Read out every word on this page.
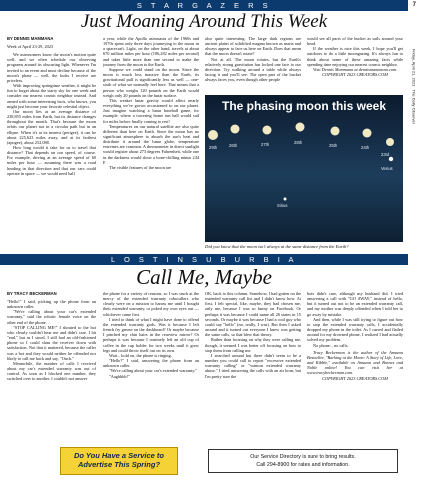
7
Friday, April 21, 2023   The Daily Observer
S T A R G A Z E R S
Just Moaning Around This Week
BY DENNIS MAMMANA

Week of April 23-29, 2023

We astronomers know the moon's motion quite well, and we often schedule our observing programs around its obscuring light. Whenever I'm invited to an event and must decline because of the moon's phase — well, the looks I receive are priceless.

With improving springtime weather, it might be fun to forget about the starry sky for one week and consider our nearest cosmic neighbor instead. And armed with some interesting facts, who knows, you might just become your favorite celestial object.

Our moon lies at an average distance of 238,855 miles from Earth, but its distance changes throughout the month. That's because the moon orbits our planet not in a circular path but in an ellipse. When it's at its nearest (perigee), it can be about 225,623 miles away, and at its farthest (apogee), about 252,088.

How long would it take for us to travel that distance? That depends on our speed, of course. For example, driving at an average speed of 60 miles per hour — assuming there was a road heading in that direction and that our cars could operate in space — we would need half

a year, while the Apollo astronauts of the 1960s and 1970s spent only three days journeying to the moon in a spacecraft. Light, on the other hand, travels at about 670 million miles per hour (186,282 miles per second) and takes little more than one second to make the journey from the moon to the Earth.

Suppose we could stand on the moon. Since the moon is much less massive than the Earth, its gravitational pull is significantly less as well — one-sixth of what we normally feel here. That means that a person who weighs 120 pounds on the Earth would weigh only 20 pounds on the lunar surface.

This weaker lunar gravity would affect nearly everything we've grown accustomed to on our planet. Just imagine watching a lunar baseball game, for example, where a towering home run ball would sail for miles before finally coming to rest!

Temperatures on our natural satellite are also quite different than here on Earth. Since the moon has no significant atmosphere to absorb the sun's heat and distribute it around the lunar globe, temperature extremes are common. A thermometer in direct sunlight would register about 273 degrees Fahrenheit, while one in the darkness would show a bone-chilling minus 244 F.

The visible features of the moon are

also quite interesting. The large dark regions are ancient plains of solidified magma known as maria and always appear to face us here on Earth. Does that mean that the moon doesn't rotate?

Not at all. The moon rotates, but the Earth's relatively strong gravitation has locked one face to our direction. Try walking around a table while always facing it and you'll see. The open part of the bucket always faces you, even though other people

would see all parts of the bucket as sails around your head.

If the weather is nice this week, I hope you'll get outdoors to do a little moongazing. It's always fun to think about some of these amazing facts while spending time enjoying our nearest cosmic neighbor.

Visit Dennis Mammana at dennismammana.com.

COPYRIGHT 2023 CREATORS.COM

The phasing moon this week
29th	26th	27th	28th
25th	24th
23rd
Sirius
Venus
Did you know that the moon isn't always at the same distance from the Earth?
L O S T I N S U B U R B I A
Call Me, Maybe
BY TRACY BECKERMAN

"Hello!" I said, picking up the phone from an unknown caller.

"We're calling about your car's extended warranty," said the robotic female voice on the other end of the phone.

"STOP CALLING ME!" I shouted to the bot who clearly couldn't hear me and didn't care. I hit "end," but as I stood, I still had an old-fashioned phone so I could slam the receiver down with satisfaction. Not that it mattered, because the caller was a bot and they would neither be offended nor likely to call me back and say, "Ouch."

Meanwhile, the number of calls I received about my car's extended warranty was out of control. As soon as I blocked one number, they switched over to another. I couldn't not answer

the phone for a variety of reasons, so I was stuck at the mercy of the extended warranty robocallers who clearly were on a mission to harass me until I bought their extended warranty, or poked my own eyes out — whichever came first.

I tried to think of what I might have done to offend the extended warranty gods. Was it because I left french fry grease on the dashboard? Or maybe because I pinched my chin hairs in the rearview mirror? Or perhaps it was because I routinely left an old cup of coffee in the cup holder for two weeks until it grew legs and could throw itself out on its own.

Wait... hold on, the phone is ringing.

"Hello?" I said, answering the phone from an unknown caller.

"We're calling about your car's extended warranty."

"Aaghhhh!"

OK, back to this column. Somehow, I had gotten on the extended warranty call list and I didn't know how. At first, I felt special, like, maybe, they had chosen me, only me, because I was so funny on Facebook. Or perhaps it was because I could name all 26 states in 15 seconds. Or maybe it was because I had a cool guy who could say "hello" (no, really, I was). But then I asked around and it turned out everyone I knew was getting the same calls, so that blew that theory.

Rather than focusing on why they were calling me, though, it seemed I was better off focusing on how to stop them from calling me.

I searched around but there didn't seem to be a number you could call to report "excessive extended warranty calling" or "wanton extended warranty abuse." I tried answering the calls with an air horn, but I'm pretty sure the

bots didn't care, although my husband did. I tried answering a call with "GO AWAY," instead of hello, but it turned out not to be an extended warranty call, and my mother was deeply offended when I told her to go away by mistake.

And then, while I was still trying to figure out how to stop the extended warranty calls, I accidentally dropped my phone in the toilet. As I cursed and flailed around for my drowned phone, I realized I had actually solved my problem.

No phone... no calls.

Tracy Beckerman is the author of the Amazon Bestseller, "Barking at the Moon: A Story of Life, Love, and Kibble," available on Amazon and Barnes and Noble online! You can visit her at www.tracybeckerman.com.

COPYRIGHT 2023 CREATORS.COM

Do You Have a Service to Advertise This Spring?
Our Service Directory is sure to bring results.
Call 294-8900 for rates and information.
